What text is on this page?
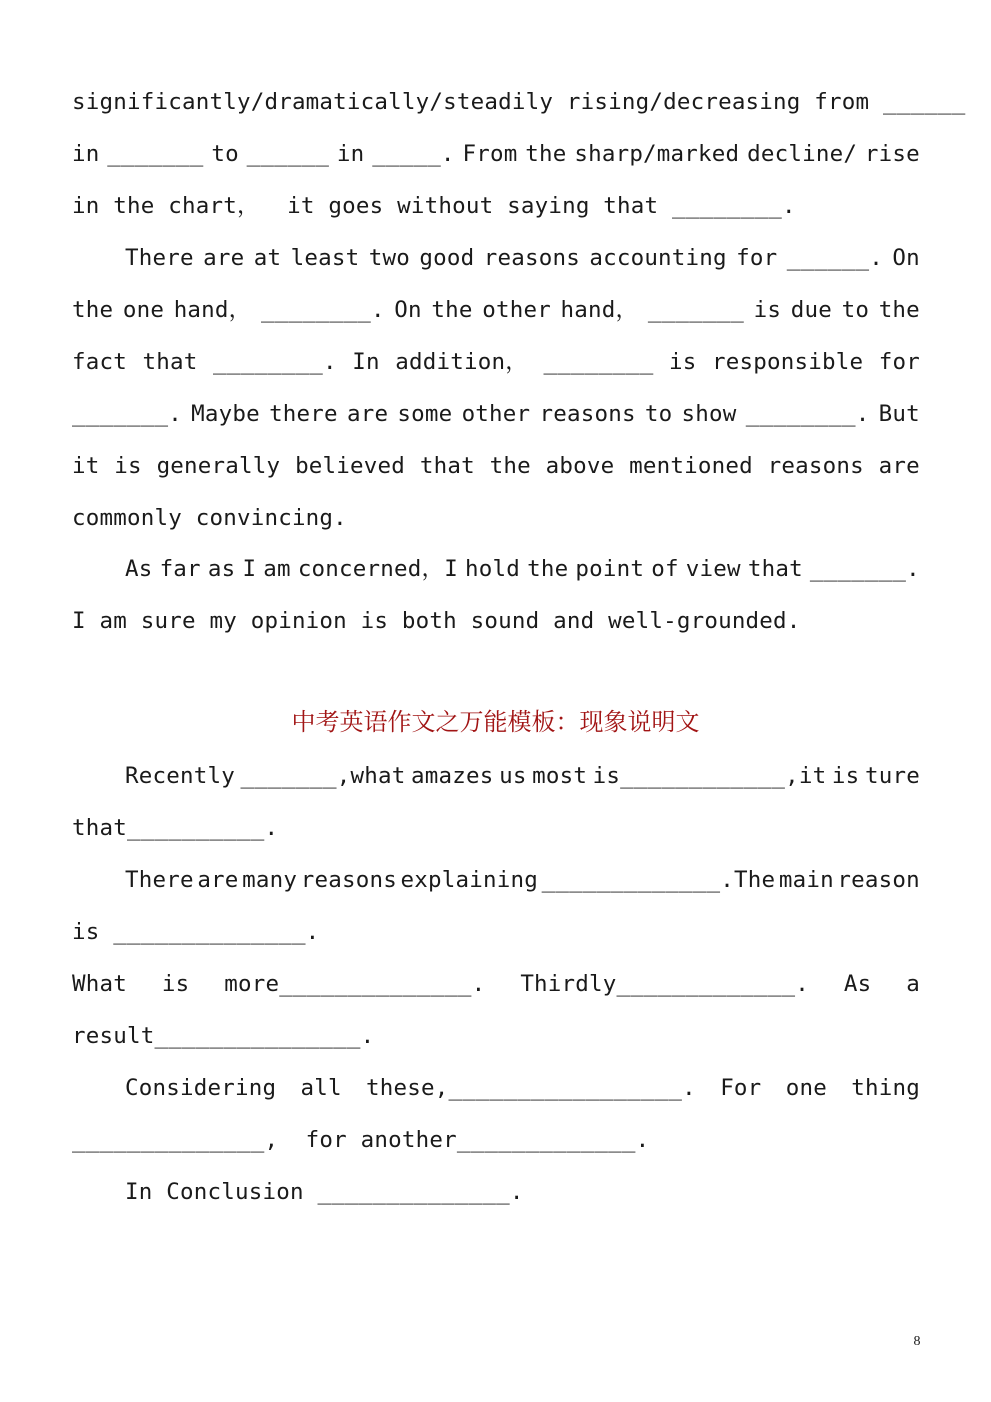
significantly/dramatically/steadily rising/decreasing from ______
in _______ to ______ in _____. From the sharp/marked decline/ rise
in the chart，  it goes without saying that ________.
There are at least two good reasons accounting for ______. On
the one hand， ________. On the other hand， _______ is due to the
fact that ________. In addition， ________ is responsible for
_______. Maybe there are some other reasons to show ________. But
it is generally believed that the above mentioned reasons are
commonly convincing.
As far as I am concerned，I hold the point of view that _______.
I am sure my opinion is both sound and well-grounded.
中考英语作文之万能模板：现象说明文
Recently _______,what amazes us most is____________,it is ture
that__________.
There are many reasons explaining _____________.The main reason
is ______________.
What is more______________. Thirdly_____________. As a
result_______________.
Considering all these,_________________. For one thing
______________,  for another_____________.
In Conclusion ______________.
8
